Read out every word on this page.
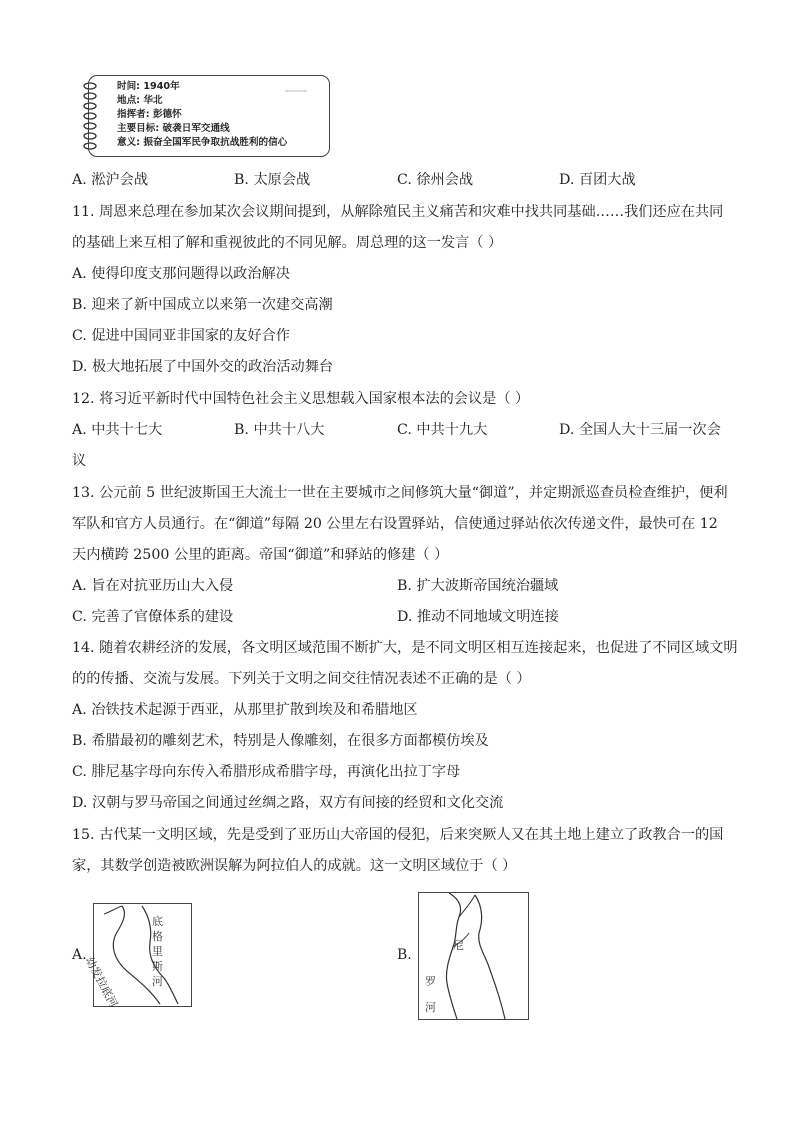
时间: 1940年
地点: 华北
指挥者: 彭德怀
主要目标: 破袭日军交通线
意义: 振奋全国军民争取抗战胜利的信心
A. 淞沪会战	B. 太原会战	C. 徐州会战	D. 百团大战
11. 周恩来总理在参加某次会议期间提到，从解除殖民主义痛苦和灾难中找共同基础……我们还应在共同
的基础上来互相了解和重视彼此的不同见解。周总理的这一发言（ ）
A. 使得印度支那问题得以政治解决
B. 迎来了新中国成立以来第一次建交高潮
C. 促进中国同亚非国家的友好合作
D. 极大地拓展了中国外交的政治活动舞台
12. 将习近平新时代中国特色社会主义思想载入国家根本法的会议是（ ）
A. 中共十七大	B. 中共十八大	C. 中共十九大	D. 全国人大十三届一次会
议
13. 公元前 5 世纪波斯国王大流士一世在主要城市之间修筑大量“御道”，并定期派巡查员检查维护，便利
军队和官方人员通行。在“御道”每隔 20 公里左右设置驿站，信使通过驿站依次传递文件，最快可在 12
天内横跨 2500 公里的距离。帝国“御道”和驿站的修建（ ）
A. 旨在对抗亚历山大入侵	B. 扩大波斯帝国统治疆域
C. 完善了官僚体系的建设	D. 推动不同地域文明连接
14. 随着农耕经济的发展，各文明区域范围不断扩大，是不同文明区相互连接起来，也促进了不同区域文明
的的传播、交流与发展。下列关于文明之间交往情况表述不正确的是（ ）
A. 冶铁技术起源于西亚，从那里扩散到埃及和希腊地区
B. 希腊最初的雕刻艺术，特别是人像雕刻，在很多方面都模仿埃及
C. 腓尼基字母向东传入希腊形成希腊字母，再演化出拉丁字母
D. 汉朝与罗马帝国之间通过丝绸之路，双方有间接的经贸和文化交流
15. 古代某一文明区域，先是受到了亚历山大帝国的侵犯，后来突厥人又在其土地上建立了政教合一的国
家，其数学创造被欧洲误解为阿拉伯人的成就。这一文明区域位于（ ）
A.
底
格
里
斯
河
幼发拉底河	B.
尼
罗
河
